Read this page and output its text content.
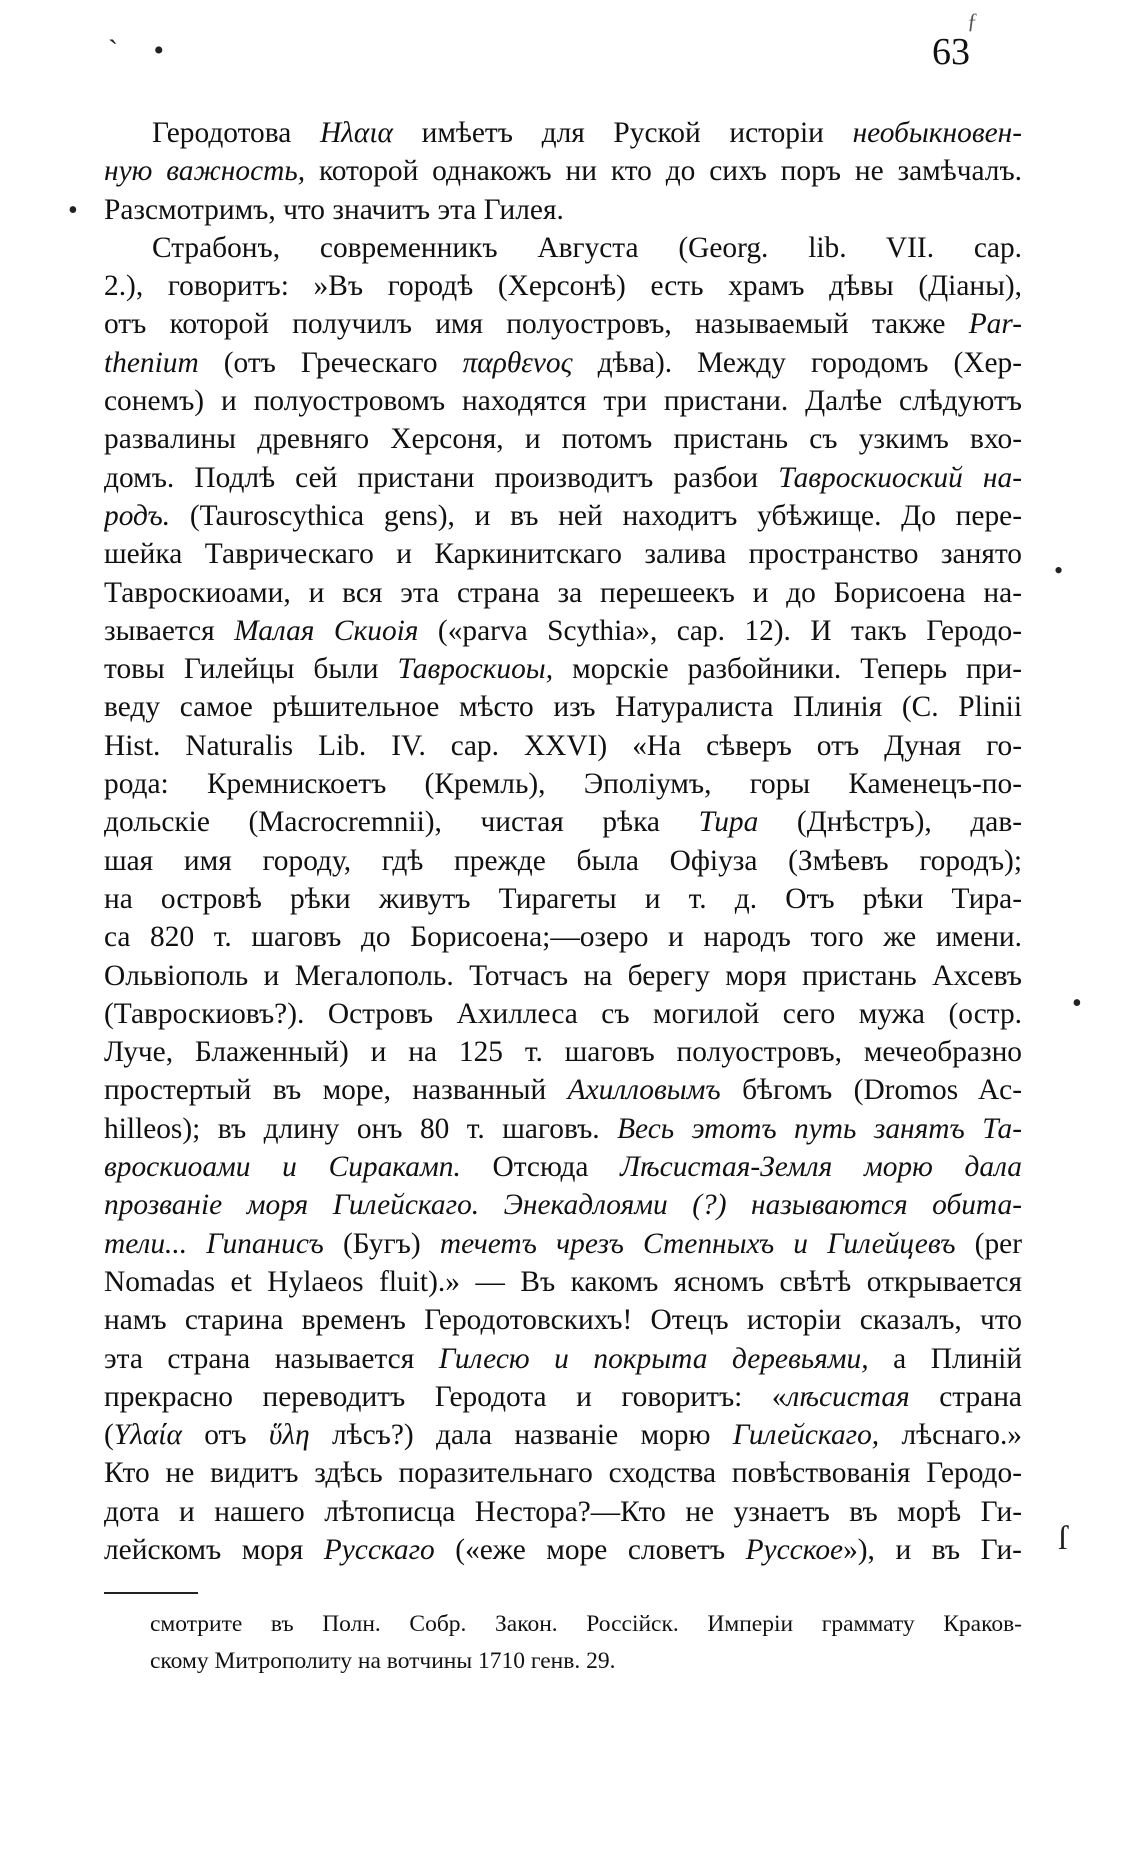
` •
ƒ
63
•
•
•
ſ
Геродотова Нλαια имѣетъ для Руской исторіи необыкновен-
ную важность, которой однакожъ ни кто до сихъ поръ не замѣчалъ.
Разсмотримъ, что значитъ эта Гилея.
Страбонъ, современникъ Августа (Georg. lib. VII. cap.
2.), говоритъ: »Въ городѣ (Херсонѣ) есть храмъ дѣвы (Діаны),
отъ которой получилъ имя полуостровъ, называемый также Par-
thenium (отъ Греческаго παρθενος дѣва). Между городомъ (Хер-
сонемъ) и полуостровомъ находятся три пристани. Далѣе слѣдуютъ
развалины древняго Херсоня, и потомъ пристань съ узкимъ вхо-
домъ. Подлѣ сей пристани производитъ разбои Тавроскиоский на-
родъ. (Tauroscythica gens), и въ ней находитъ убѣжище. До пере-
шейка Таврическаго и Каркинитскаго залива пространство занято
Тавроскиоами, и вся эта страна за перешеекъ и до Борисоена на-
зывается Малая Скиоія («parva Scythia», cap. 12). И такъ Геродо-
товы Гилейцы были Тавроскиоы, морскіе разбойники. Теперь при-
веду самое рѣшительное мѣсто изъ Натуралиста Плинія (C. Plinii
Hist. Naturalis Lib. IV. cap. XXVI) «На сѣверъ отъ Дуная го-
рода: Кремнискоетъ (Кремль), Эполіумъ, горы Каменецъ-по-
дольскіе (Macrocremnii), чистая рѣка Тира (Днѣстръ), дав-
шая имя городу, гдѣ прежде была Офіуза (Змѣевъ городъ);
на островѣ рѣки живутъ Тирагеты и т. д. Отъ рѣки Тира-
са 820 т. шаговъ до Борисоена;—озеро и народъ того же имени.
Ольвіополь и Мегалополь. Тотчасъ на берегу моря пристань Ахсевъ
(Тавроскиовъ?). Островъ Ахиллеса съ могилой сего мужа (остр.
Луче, Блаженный) и на 125 т. шаговъ полуостровъ, мечеобразно
простертый въ море, названный Ахилловымъ бѣгомъ (Dromos Ac-
hilleos); въ длину онъ 80 т. шаговъ. Весь этотъ путь занятъ Та-
вроскиоами и Сиракамп. Отсюда Лѣсистая-Земля морю дала
прозваніе моря Гилейскаго. Энекадлоями (?) называются обита-
тели... Гипанисъ (Бугъ) течетъ чрезъ Степныхъ и Гилейцевъ (per
Nomadas et Hylaeos fluit).» — Въ какомъ ясномъ свѣтѣ открывается
намъ старина временъ Геродотовскихъ! Отецъ исторіи сказалъ, что
эта страна называется Гилесю и покрыта деревьями, а Плиній
прекрасно переводитъ Геродота и говоритъ: «лѣсистая страна
(Υλαία отъ ὕλη лѣсъ?) дала названіе морю Гилейскаго, лѣснаго.»
Кто не видитъ здѣсь поразительнаго сходства повѣствованія Геродо-
дота и нашего лѣтописца Нестора?—Кто не узнаетъ въ морѣ Ги-
лейскомъ моря Русскаго («еже море словетъ Русское»), и въ Ги-
смотрите въ Полн. Собр. Закон. Россійск. Имперіи граммату Краков-
скому Митрополиту на вотчины 1710 генв. 29.
